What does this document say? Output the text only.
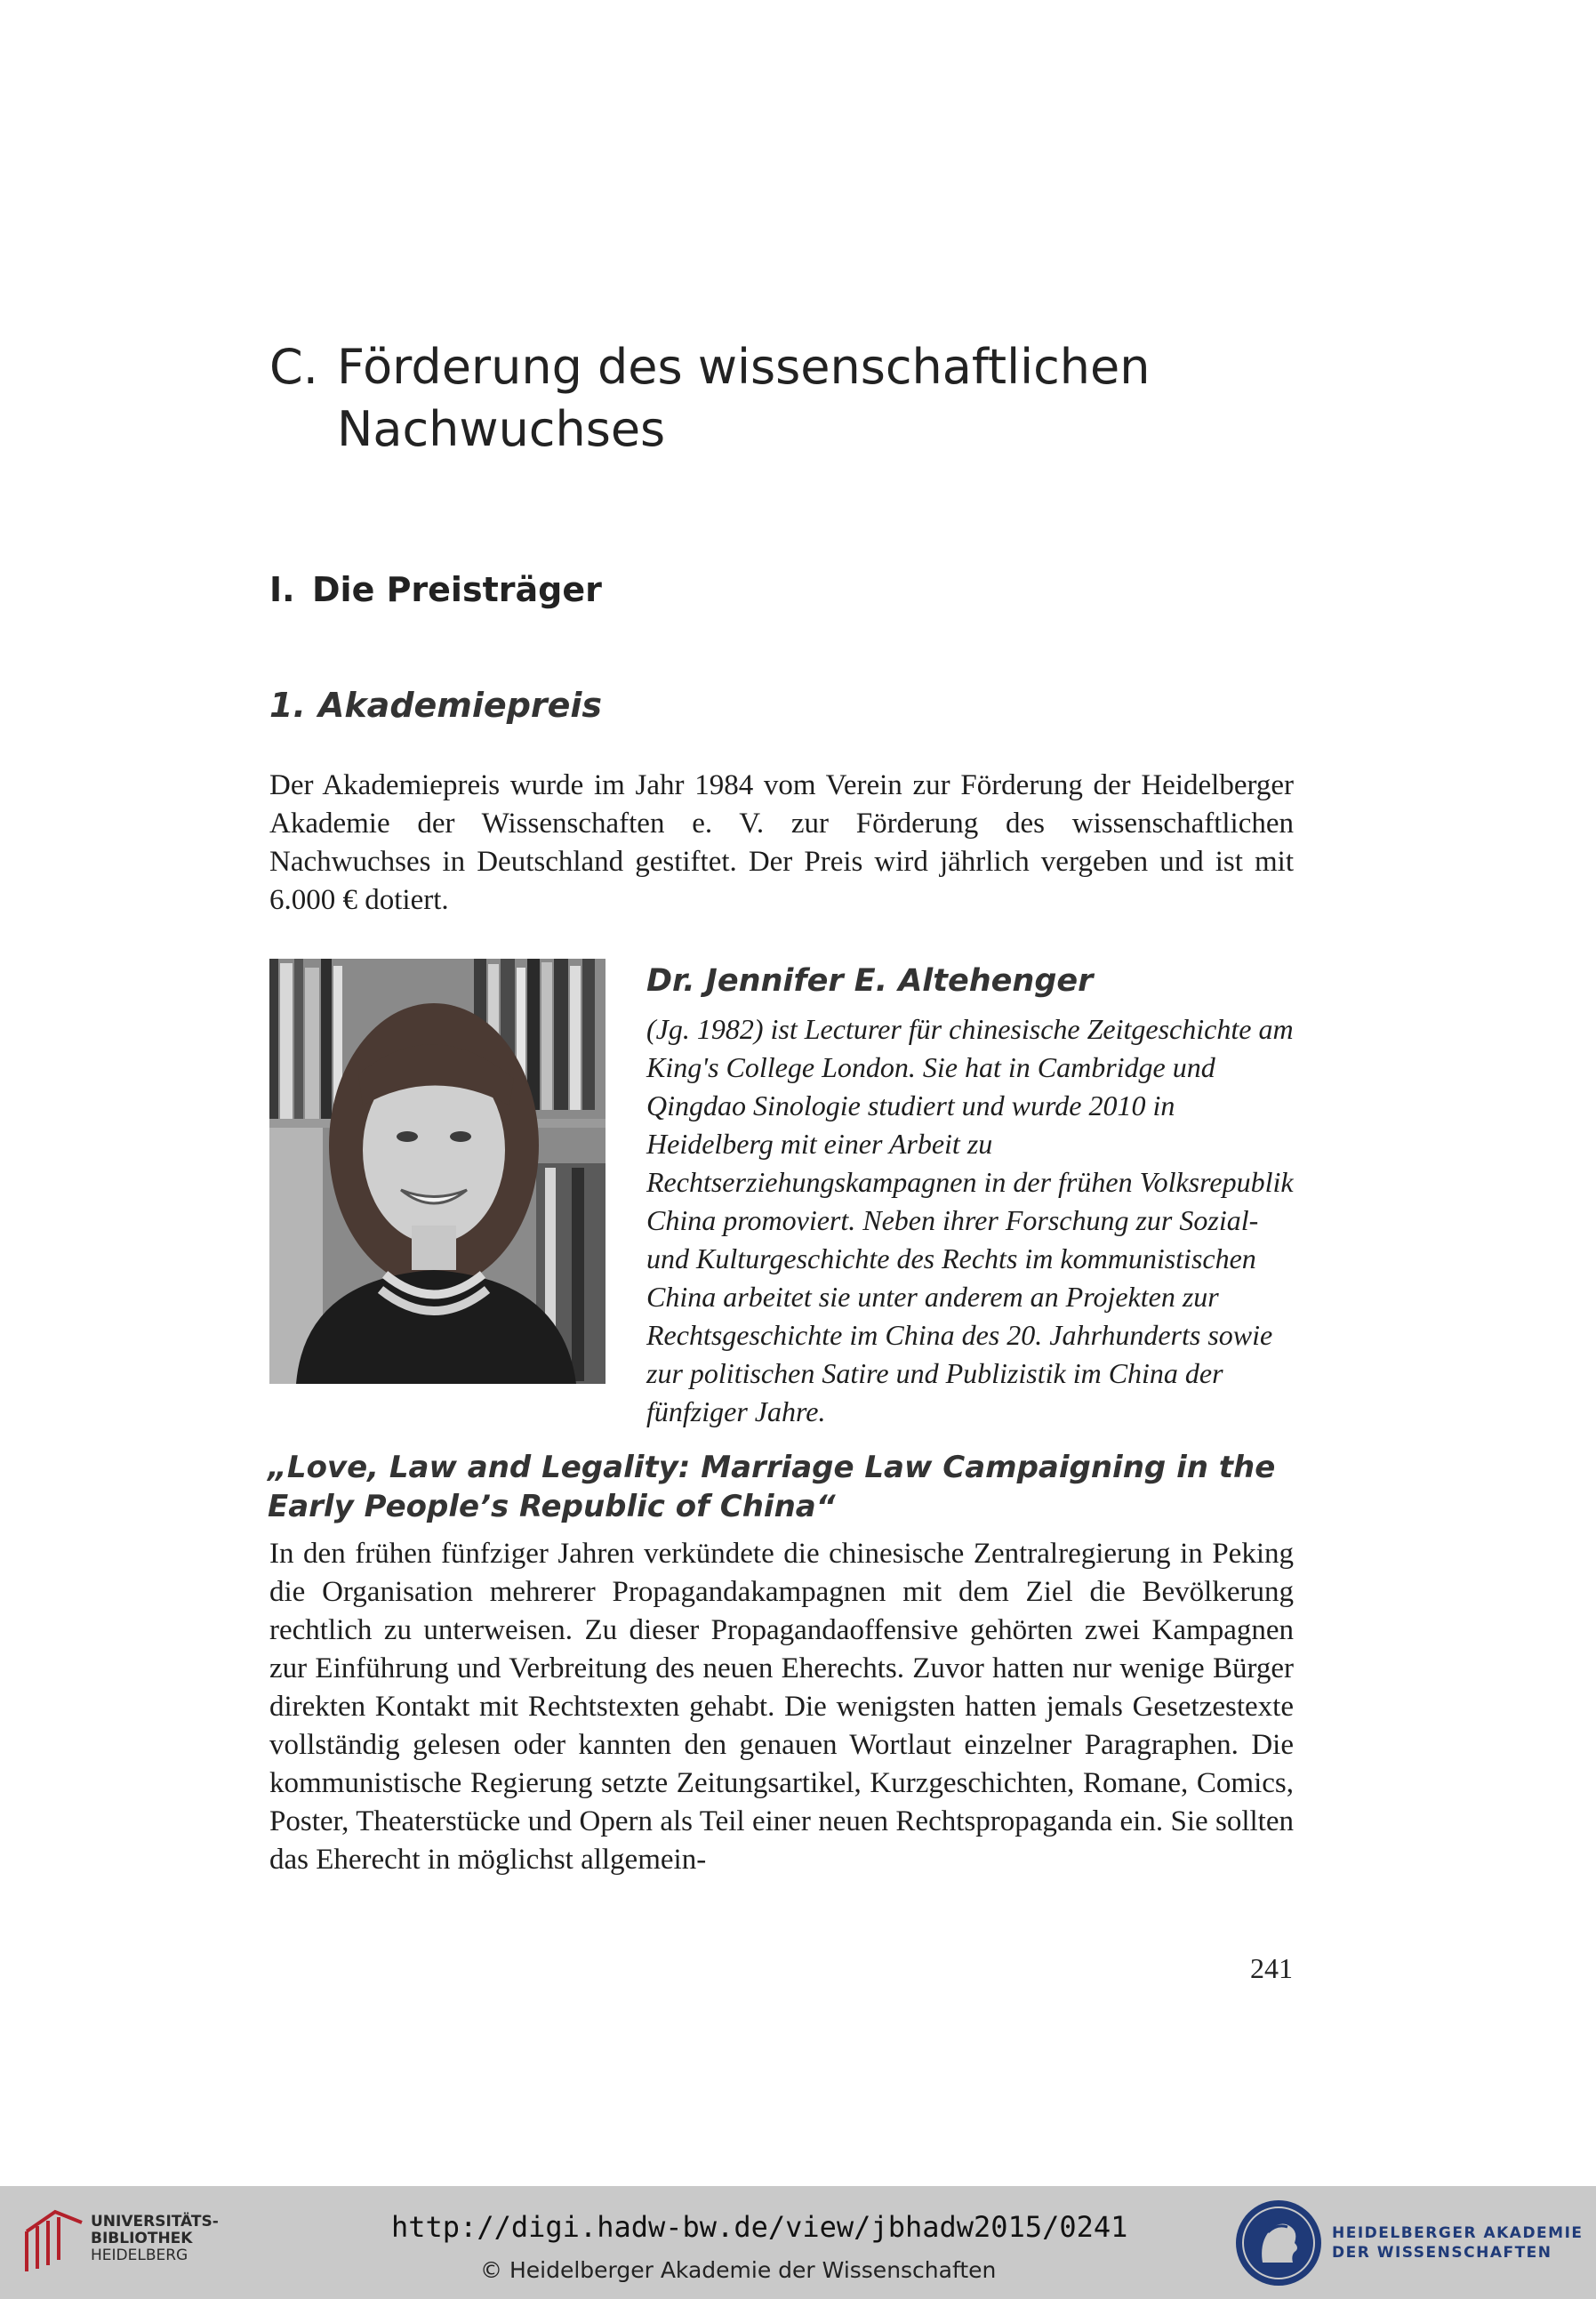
C. Förderung des wissenschaftlichen Nachwuchses
I. Die Preisträger
1. Akademiepreis

Der Akademiepreis wurde im Jahr 1984 vom Verein zur Förderung der Heidelberger Akademie der Wissenschaften e. V. zur Förderung des wissenschaftlichen Nachwuchses in Deutschland gestiftet. Der Preis wird jährlich vergeben und ist mit 6.000 € dotiert.

Dr. Jennifer E. Altehenger

(Jg. 1982) ist Lecturer für chinesische Zeitgeschichte am King's College London. Sie hat in Cambridge und Qingdao Sinologie studiert und wurde 2010 in Heidelberg mit einer Arbeit zu Rechtserziehungskampagnen in der frühen Volksrepublik China promoviert. Neben ihrer Forschung zur Sozial- und Kulturgeschichte des Rechts im kommunistischen China arbeitet sie unter anderem an Projekten zur Rechtsgeschichte im China des 20. Jahrhunderts sowie zur politischen Satire und Publizistik im China der fünfziger Jahre.

„Love, Law and Legality: Marriage Law Campaigning in the Early People’s Republic of China“

In den frühen fünfziger Jahren verkündete die chinesische Zentralregierung in Peking die Organisation mehrerer Propagandakampagnen mit dem Ziel die Bevölkerung rechtlich zu unterweisen. Zu dieser Propagandaoffensive gehörten zwei Kampagnen zur Einführung und Verbreitung des neuen Eherechts. Zuvor hatten nur wenige Bürger direkten Kontakt mit Rechtstexten gehabt. Die wenigsten hatten jemals Gesetzestexte vollständig gelesen oder kannten den genauen Wortlaut einzelner Paragraphen. Die kommunistische Regierung setzte Zeitungsartikel, Kurzgeschichten, Romane, Comics, Poster, Theaterstücke und Opern als Teil einer neuen Rechtspropaganda ein. Sie sollten das Eherecht in möglichst allgemein-

241
UNIVERSITÄTS-
BIBLIOTHEK
HEIDELBERG
http://digi.hadw-bw.de/view/jbhadw2015/0241
© Heidelberger Akademie der Wissenschaften
HEIDELBERGER AKADEMIE
DER WISSENSCHAFTEN
